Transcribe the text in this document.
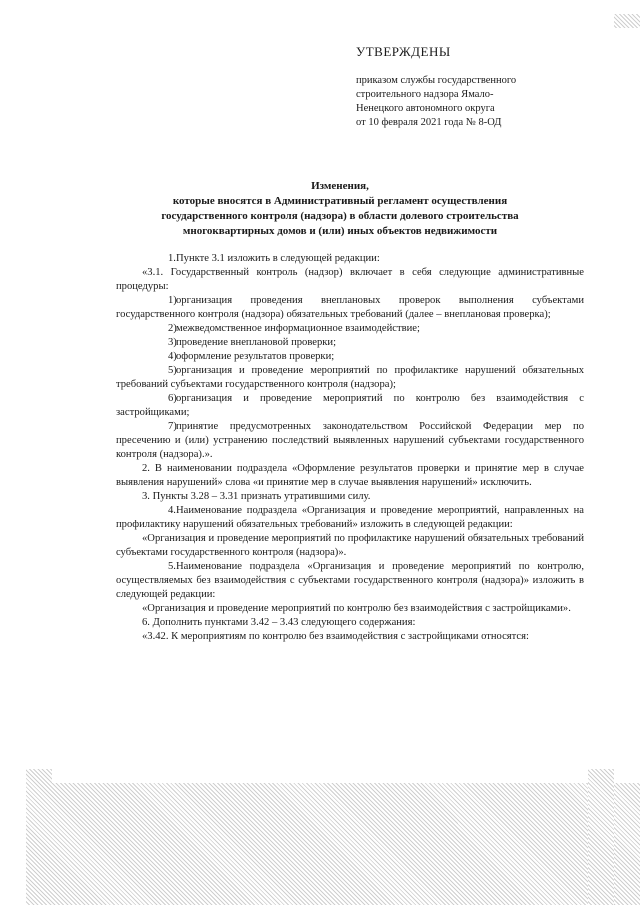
УТВЕРЖДЕНЫ
приказом службы государственного
строительного надзора Ямало-
Ненецкого автономного округа
от 10 февраля 2021 года № 8-ОД
Изменения,
которые вносятся в Административный регламент осуществления
государственного контроля (надзора) в области долевого строительства
многоквартирных домов и (или) иных объектов недвижимости

1.Пункте 3.1 изложить в следующей редакции:

«3.1. Государственный контроль (надзор) включает в себя следующие административные процедуры:

1)организация проведения внеплановых проверок выполнения субъектами государственного контроля (надзора) обязательных требований (далее – внеплановая проверка);

2)межведомственное информационное взаимодействие;

3)проведение внеплановой проверки;

4)оформление результатов проверки;

5)организация и проведение мероприятий по профилактике нарушений обязательных требований субъектами государственного контроля (надзора);

6)организация и проведение мероприятий по контролю без взаимодействия с застройщиками;

7)принятие предусмотренных законодательством Российской Федерации мер по пресечению и (или) устранению последствий выявленных нарушений субъектами государственного контроля (надзора).».

2. В наименовании подраздела «Оформление результатов проверки и принятие мер в случае выявления нарушений» слова «и принятие мер в случае выявления нарушений» исключить.

3. Пункты 3.28 – 3.31 признать утратившими силу.

4.Наименование подраздела «Организация и проведение мероприятий, направленных на профилактику нарушений обязательных требований» изложить в следующей редакции:

«Организация и проведение мероприятий по профилактике нарушений обязательных требований субъектами государственного контроля (надзора)».

5.Наименование подраздела «Организация и проведение мероприятий по контролю, осуществляемых без взаимодействия с субъектами государственного контроля (надзора)» изложить в следующей редакции:

«Организация и проведение мероприятий по контролю без взаимодействия с застройщиками».

6. Дополнить пунктами 3.42 – 3.43 следующего содержания:

«3.42. К мероприятиям по контролю без взаимодействия с застройщиками относятся:
